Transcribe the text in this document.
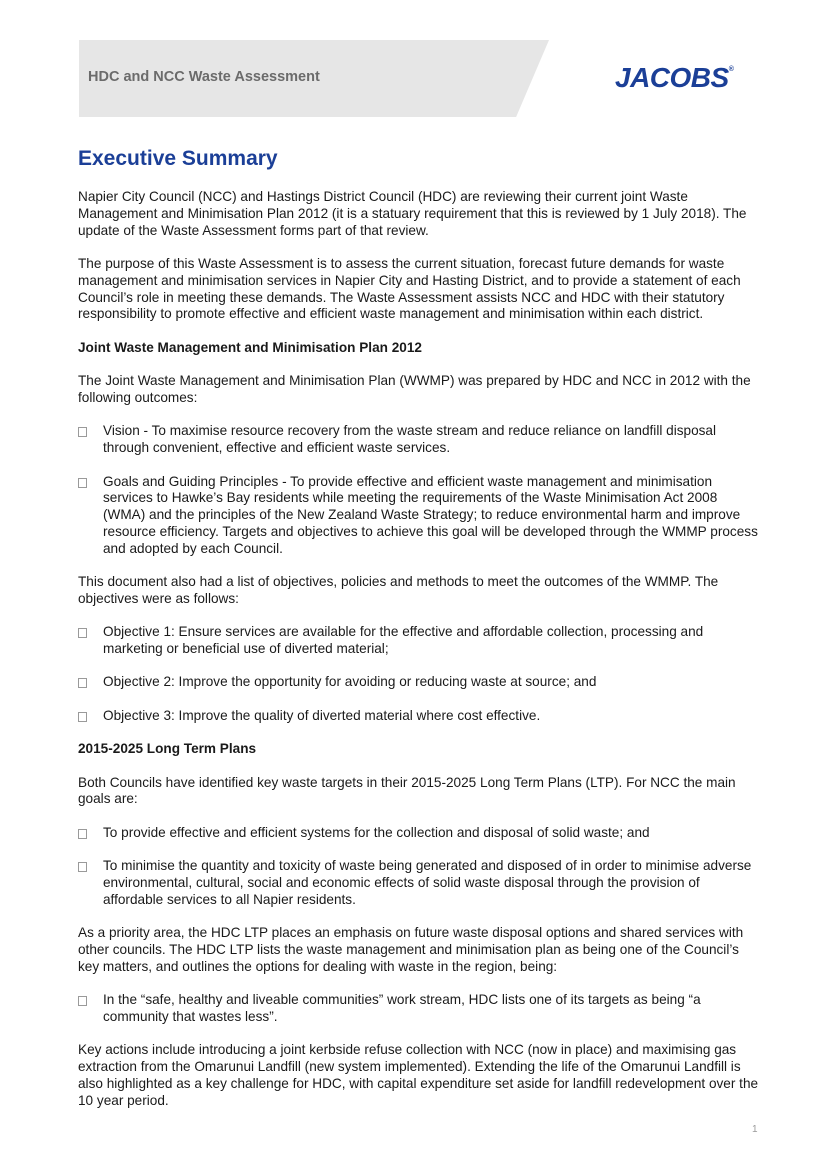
HDC and NCC Waste Assessment	JACOBS®
Executive Summary

Napier City Council (NCC) and Hastings District Council (HDC) are reviewing their current joint Waste Management and Minimisation Plan 2012 (it is a statuary requirement that this is reviewed by 1 July 2018). The update of the Waste Assessment forms part of that review.

The purpose of this Waste Assessment is to assess the current situation, forecast future demands for waste management and minimisation services in Napier City and Hasting District, and to provide a statement of each Council’s role in meeting these demands. The Waste Assessment assists NCC and HDC with their statutory responsibility to promote effective and efficient waste management and minimisation within each district.

Joint Waste Management and Minimisation Plan 2012

The Joint Waste Management and Minimisation Plan (WWMP) was prepared by HDC and NCC in 2012 with the following outcomes:

Vision - To maximise resource recovery from the waste stream and reduce reliance on landfill disposal through convenient, effective and efficient waste services.
Goals and Guiding Principles - To provide effective and efficient waste management and minimisation services to Hawke’s Bay residents while meeting the requirements of the Waste Minimisation Act 2008 (WMA) and the principles of the New Zealand Waste Strategy; to reduce environmental harm and improve resource efficiency. Targets and objectives to achieve this goal will be developed through the WMMP process and adopted by each Council.

This document also had a list of objectives, policies and methods to meet the outcomes of the WMMP. The objectives were as follows:

Objective 1: Ensure services are available for the effective and affordable collection, processing and marketing or beneficial use of diverted material;
Objective 2: Improve the opportunity for avoiding or reducing waste at source; and
Objective 3: Improve the quality of diverted material where cost effective.
2015-2025 Long Term Plans

Both Councils have identified key waste targets in their 2015-2025 Long Term Plans (LTP). For NCC the main goals are:

To provide effective and efficient systems for the collection and disposal of solid waste; and
To minimise the quantity and toxicity of waste being generated and disposed of in order to minimise adverse environmental, cultural, social and economic effects of solid waste disposal through the provision of affordable services to all Napier residents.

As a priority area, the HDC LTP places an emphasis on future waste disposal options and shared services with other councils. The HDC LTP lists the waste management and minimisation plan as being one of the Council’s key matters, and outlines the options for dealing with waste in the region, being:

In the “safe, healthy and liveable communities” work stream, HDC lists one of its targets as being “a community that wastes less”.

Key actions include introducing a joint kerbside refuse collection with NCC (now in place) and maximising gas extraction from the Omarunui Landfill (new system implemented). Extending the life of the Omarunui Landfill is also highlighted as a key challenge for HDC, with capital expenditure set aside for landfill redevelopment over the 10 year period.

1
